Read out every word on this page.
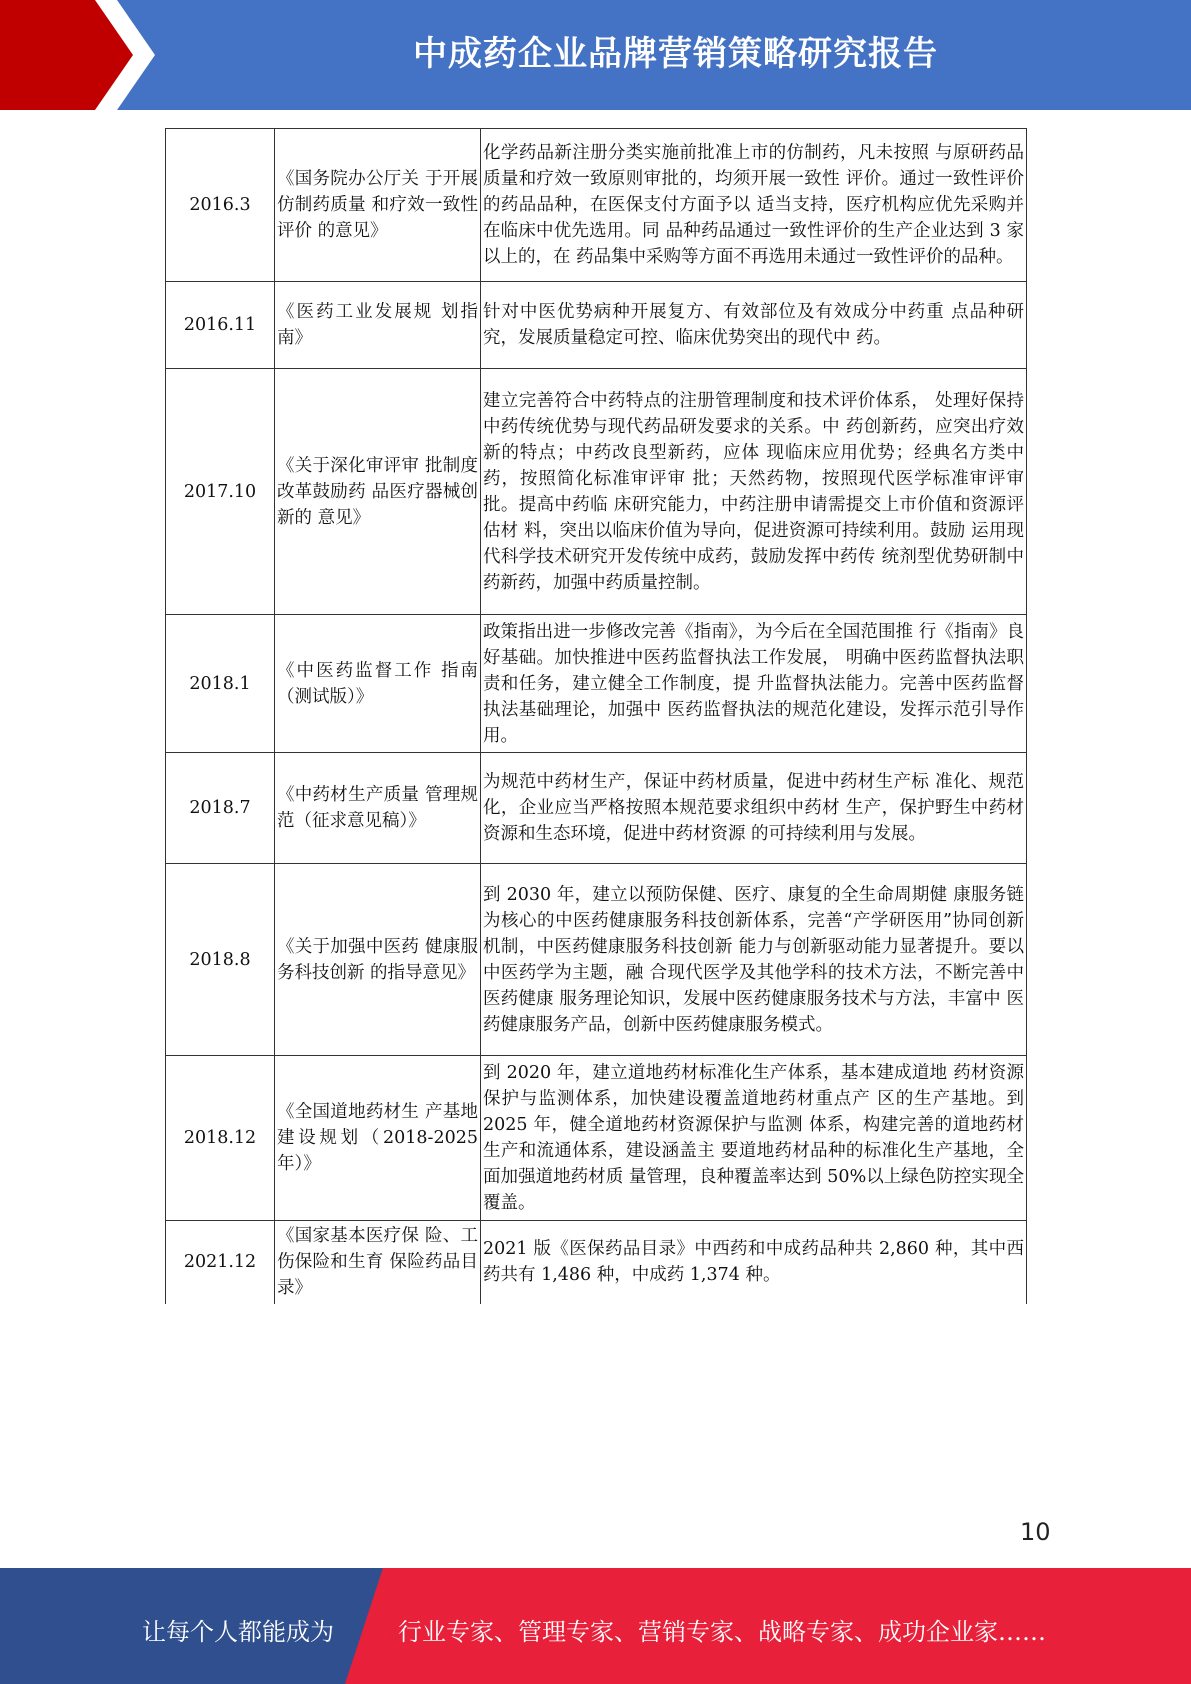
中成药企业品牌营销策略研究报告
2016.3	《国务院办公厅关 于开展仿制药质量 和疗效一致性评价 的意见》	化学药品新注册分类实施前批准上市的仿制药，凡未按照 与原研药品质量和疗效一致原则审批的，均须开展一致性 评价。通过一致性评价的药品品种，在医保支付方面予以 适当支持，医疗机构应优先采购并在临床中优先选用。同 品种药品通过一致性评价的生产企业达到 3 家以上的，在 药品集中采购等方面不再选用未通过一致性评价的品种。
2016.11	《医药工业发展规 划指南》	针对中医优势病种开展复方、有效部位及有效成分中药重 点品种研究，发展质量稳定可控、临床优势突出的现代中 药。
2017.10	《关于深化审评审 批制度改革鼓励药 品医疗器械创新的 意见》	建立完善符合中药特点的注册管理制度和技术评价体系， 处理好保持中药传统优势与现代药品研发要求的关系。中 药创新药，应突出疗效新的特点；中药改良型新药，应体 现临床应用优势；经典名方类中药，按照简化标准审评审 批；天然药物，按照现代医学标准审评审批。提高中药临 床研究能力，中药注册申请需提交上市价值和资源评估材 料，突出以临床价值为导向，促进资源可持续利用。鼓励 运用现代科学技术研究开发传统中成药，鼓励发挥中药传 统剂型优势研制中药新药，加强中药质量控制。
2018.1	《中医药监督工作 指南（测试版）》	政策指出进一步修改完善《指南》，为今后在全国范围推 行《指南》良好基础。加快推进中医药监督执法工作发展， 明确中医药监督执法职责和任务，建立健全工作制度，提 升监督执法能力。完善中医药监督执法基础理论，加强中 医药监督执法的规范化建设，发挥示范引导作用。
2018.7	《中药材生产质量 管理规范（征求意见稿）》	为规范中药材生产，保证中药材质量，促进中药材生产标 准化、规范化，企业应当严格按照本规范要求组织中药材 生产，保护野生中药材资源和生态环境，促进中药材资源 的可持续利用与发展。
2018.8	《关于加强中医药 健康服务科技创新 的指导意见》	到 2030 年，建立以预防保健、医疗、康复的全生命周期健 康服务链为核心的中医药健康服务科技创新体系，完善“产学研医用”协同创新机制，中医药健康服务科技创新 能力与创新驱动能力显著提升。要以中医药学为主题，融 合现代医学及其他学科的技术方法，不断完善中医药健康 服务理论知识，发展中医药健康服务技术与方法，丰富中 医药健康服务产品，创新中医药健康服务模式。
2018.12	《全国道地药材生 产基地建设规划（2018-2025 年）》	到 2020 年，建立道地药材标准化生产体系，基本建成道地 药材资源保护与监测体系，加快建设覆盖道地药材重点产 区的生产基地。到 2025 年，健全道地药材资源保护与监测 体系，构建完善的道地药材生产和流通体系，建设涵盖主 要道地药材品种的标准化生产基地，全面加强道地药材质 量管理，良种覆盖率达到 50%以上绿色防控实现全覆盖。
2021.12	《国家基本医疗保 险、工伤保险和生育 保险药品目录》	2021 版《医保药品目录》中西药和中成药品种共 2,860 种，其中西药共有 1,486 种，中成药 1,374 种。
10
让每个人都能成为	行业专家、管理专家、营销专家、战略专家、成功企业家……
